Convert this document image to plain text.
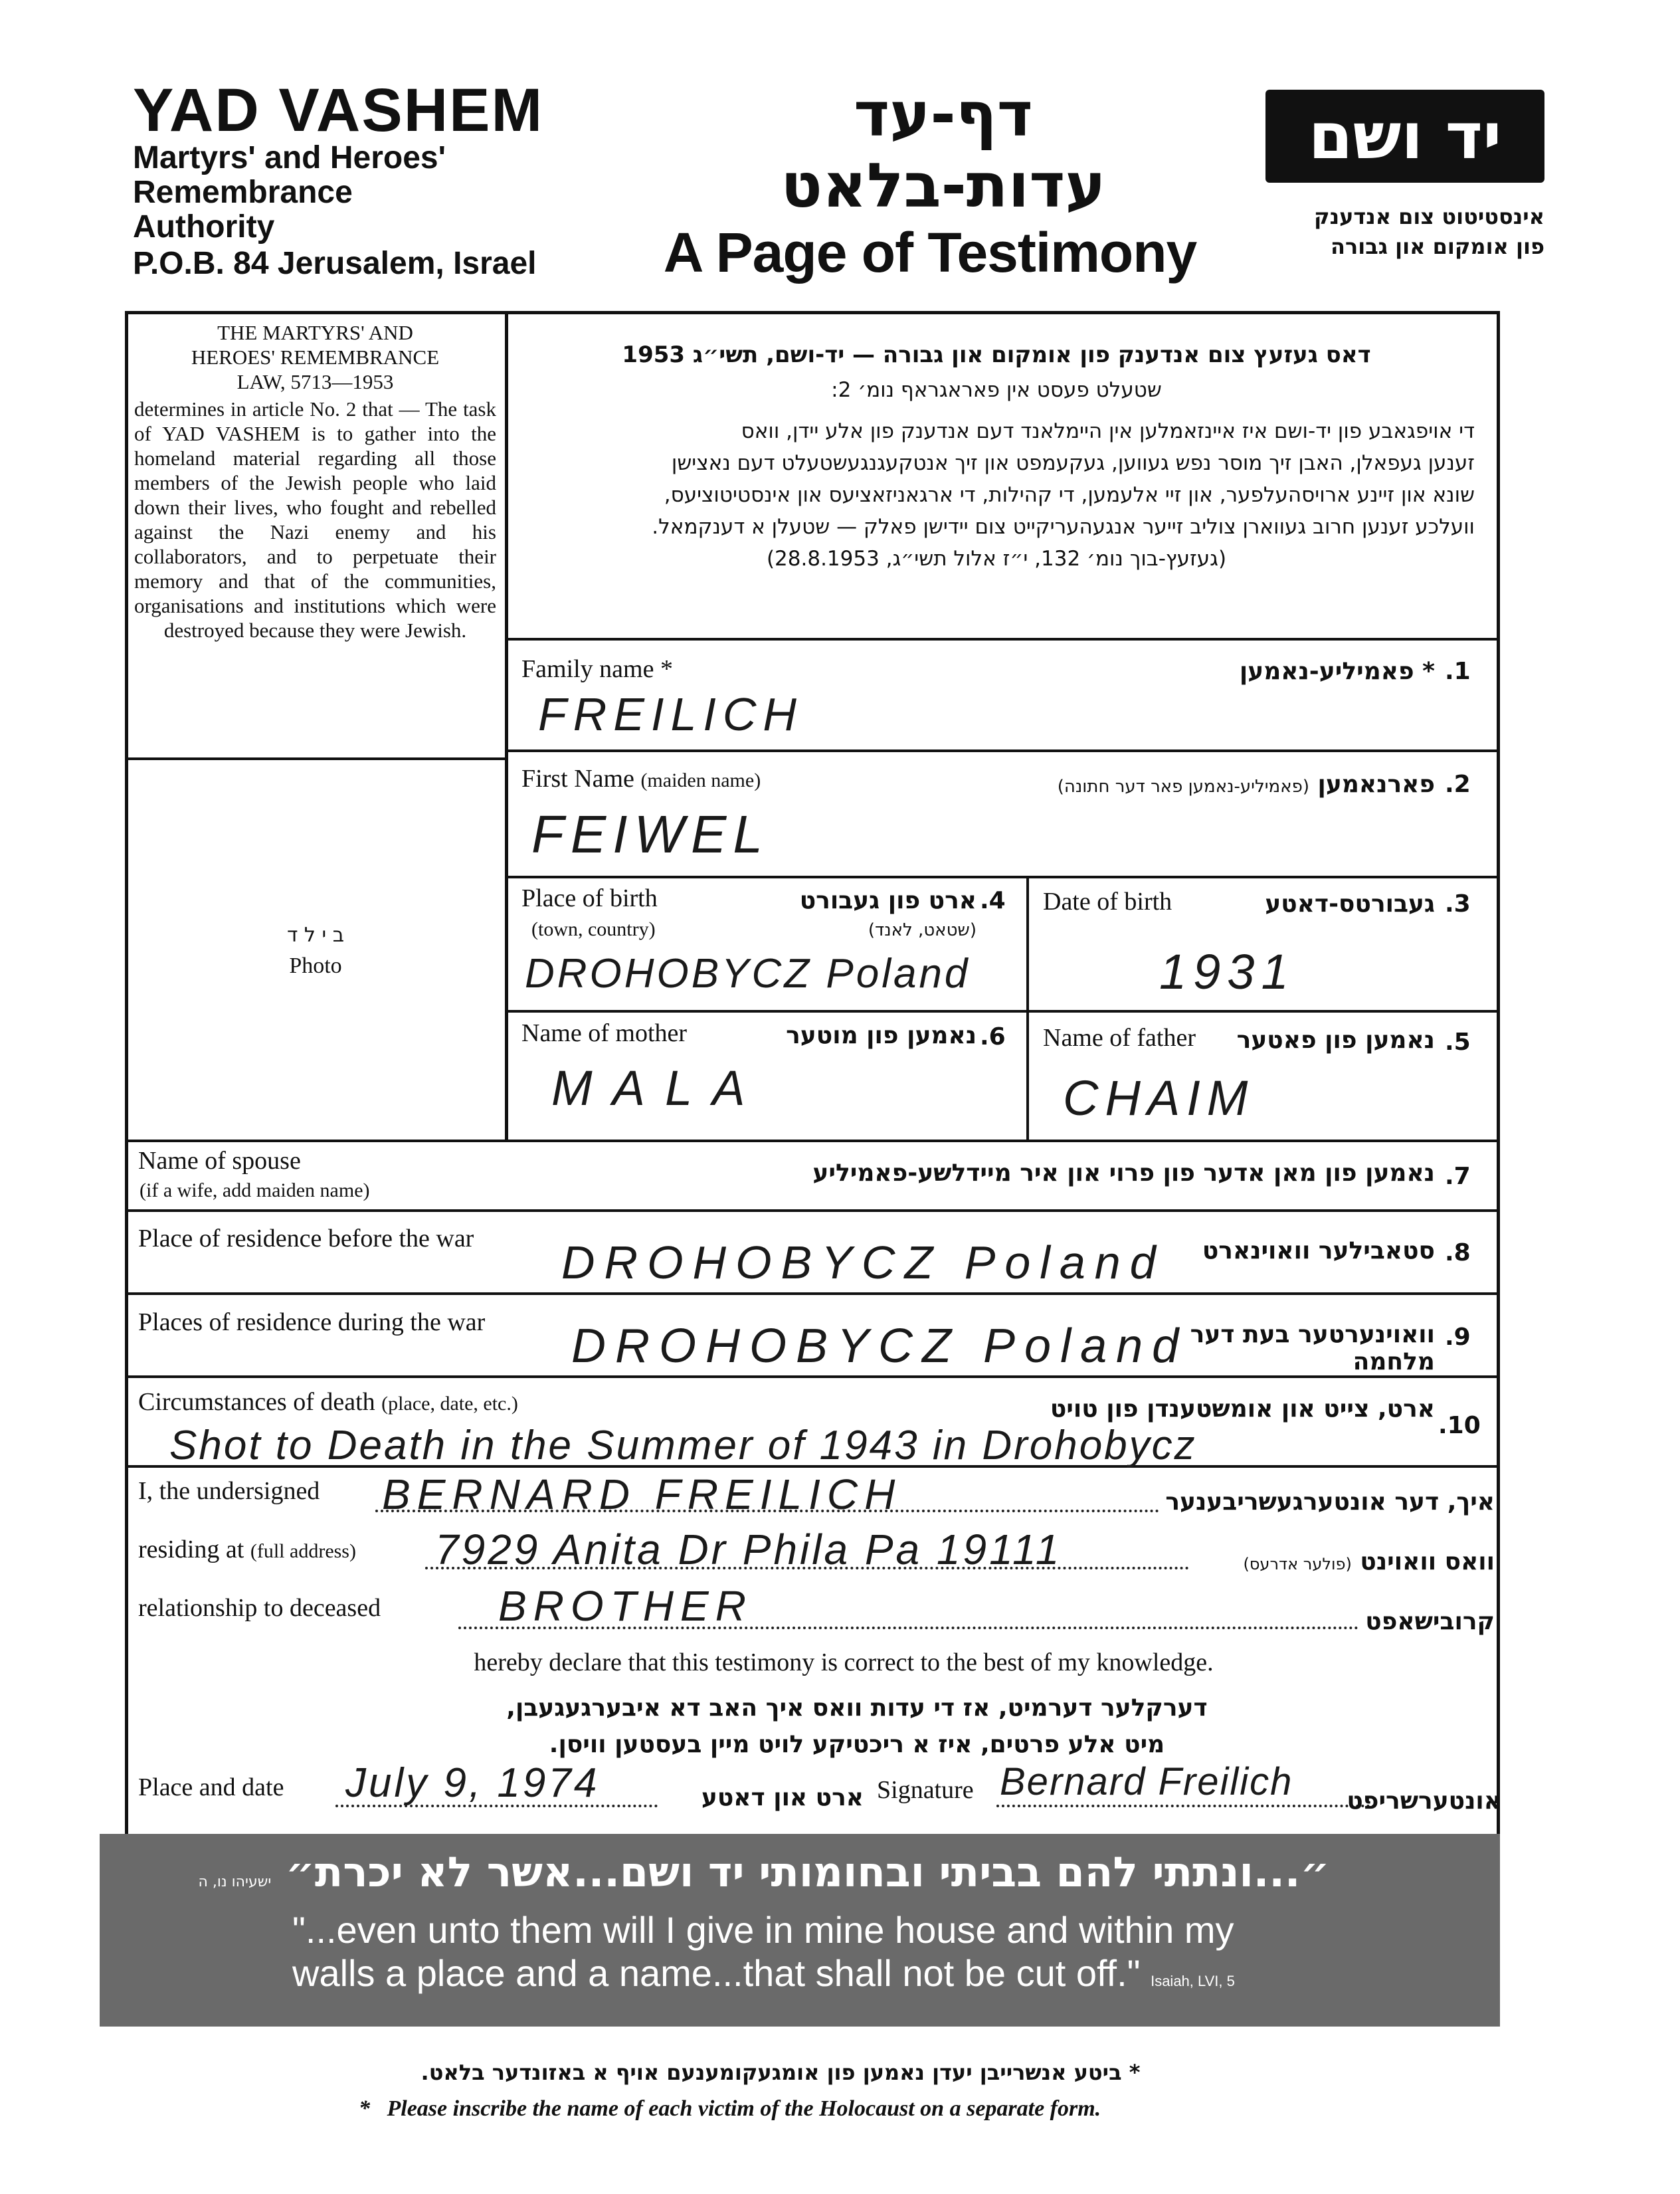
YAD VASHEM
Martyrs' and Heroes'
Remembrance
Authority
P.O.B. 84 Jerusalem, Israel
דף-עד
עדות-בלאט
A Page of Testimony
יד ושם
אינסטיטוט צום אנדענק
פון אומקום און גבורה
THE MARTYRS' AND
HEROES' REMEMBRANCE
LAW, 5713—1953
determines in article No. 2 that — The task of YAD VASHEM is to gather into the homeland material regarding all those members of the Jewish people who laid down their lives, who fought and rebelled against the Nazi enemy and his collaborators, and to perpetuate their memory and that of the communities, organisations and institutions which were destroyed because they were Jewish.
ב י ל ד
Photo
דאס געזעץ צום אנדענק פון אומקום און גבורה — יד-ושם, תשי״ג 1953
שטעלט פעסט אין פאראגראף נומ׳ 2:
די אויפגאבע פון יד-ושם איז איינזאמלען אין היימלאנד דעם אנדענק פון אלע יידן, וואס
זענען געפאלן, האבן זיך מוסר נפש געווען, געקעמפט און זיך אנטקעגנגעשטעלט דעם נאצישן
שונא און זיינע ארויסהעלפער, און זיי אלעמען, די קהילות, די ארגאניזאציעס און אינסטיטוציעס,
וועלכע זענען חרוב געווארן צוליב זייער אנגעהעריקייט צום יידישן פאלק — שטעלן א דענקמאל.
(געזעץ-בוך נומ׳ 132, י״ז אלול תשי״ג, 28.8.1953)
Family name *	* פאמיליע-נאמען .1
FREILICH
First Name (maiden name)	פארנאמען (פאמיליע-נאמען פאר דער חתונה)	.2
FEIWEL
Place of birth
(town, country)
ארט פון געבורט
(שטאט, לאנד)
.4
DROHOBYCZ Poland
Date of birth	געבורטס-דאטע .3
1931
Name of mother	נאמען פון מוטער .6
MALA
Name of father	נאמען פון פאטער .5
CHAIM
Name of spouse
(if a wife, add maiden name)
נאמען פון מאן אדער פון פרוי און איר מיידלשע-פאמיליע .7
Place of residence before the war	סטאבילער וואוינארט .8
DROHOBYCZ Poland
Places of residence during the war	וואוינערטער בעת דער מלחמה
.9
DROHOBYCZ Poland
Circumstances of death (place, date, etc.)	ארט, צייט און אומשטענדן פון טויט
.10
Shot to Death in the Summer of 1943 in Drohobycz
I, the undersigned BERNARD FREILICH	איך, דער אונטערגעשריבענער
residing at (full address) 7929 Anita Dr Phila Pa 19111	וואס וואוינט (פולער אדרעס)
relationship to deceased	BROTHER	קרובישאפט
hereby declare that this testimony is correct to the best of my knowledge.
דערקלער דערמיט, אז די עדות וואס איך האב דא איבערגעגעבן,
מיט אלע פרטים, איז א ריכטיקע לויט מיין בעסטען וויסן.
Place and date July 9, 1974	ארט און דאטע Signature Bernard Freilich אונטערשריפט
״...ונתתי להם בביתי ובחומותי יד ושם...אשר לא יכרת״ ישעיהו נו, ה
"...even unto them will I give in mine house and within my
walls a place and a name...that shall not be cut off." Isaiah, LVI, 5
* ביטע אנשרייבן יעדן נאמען פון אומגעקומענעם אויף א באזונדער בלאט.
*   Please inscribe the name of each victim of the Holocaust on a separate form.
